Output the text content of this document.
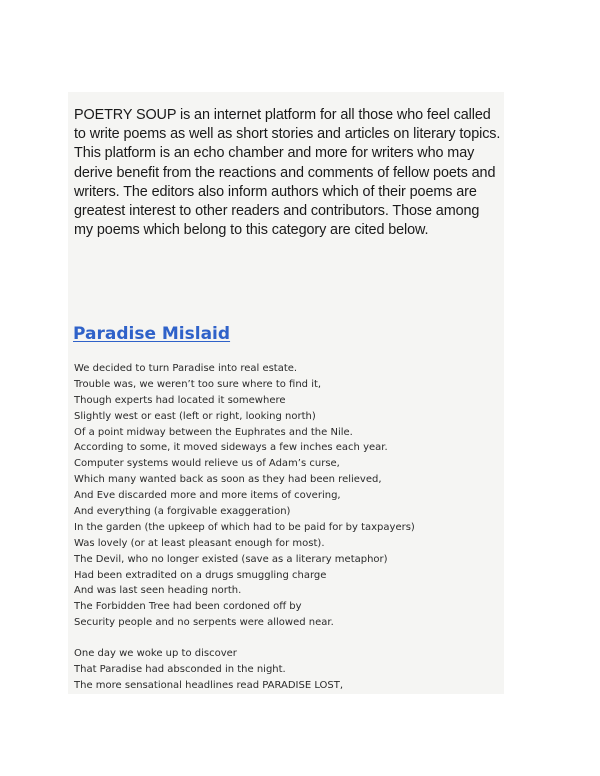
POETRY SOUP is an internet platform for all those who feel called to write poems as well as short stories and articles on literary topics. This platform is an echo chamber and more for writers who may derive benefit from the reactions and comments of fellow poets and writers. The editors also inform authors which of their poems are greatest interest to other readers and contributors. Those among my poems which belong to this category are cited below.

Paradise Mislaid
We decided to turn Paradise into real estate.
Trouble was, we weren’t too sure where to find it,
Though experts had located it somewhere
Slightly west or east (left or right, looking north)
Of a point midway between the Euphrates and the Nile.
According to some, it moved sideways a few inches each year.
Computer systems would relieve us of Adam’s curse,
Which many wanted back as soon as they had been relieved,
And Eve discarded more and more items of covering,
And everything (a forgivable exaggeration)
In the garden (the upkeep of which had to be paid for by taxpayers)
Was lovely (or at least pleasant enough for most).
The Devil, who no longer existed (save as a literary metaphor)
Had been extradited on a drugs smuggling charge
And was last seen heading north.
The Forbidden Tree had been cordoned off by
Security people and no serpents were allowed near.
One day we woke up to discover
That Paradise had absconded in the night.
The more sensational headlines read PARADISE LOST,
